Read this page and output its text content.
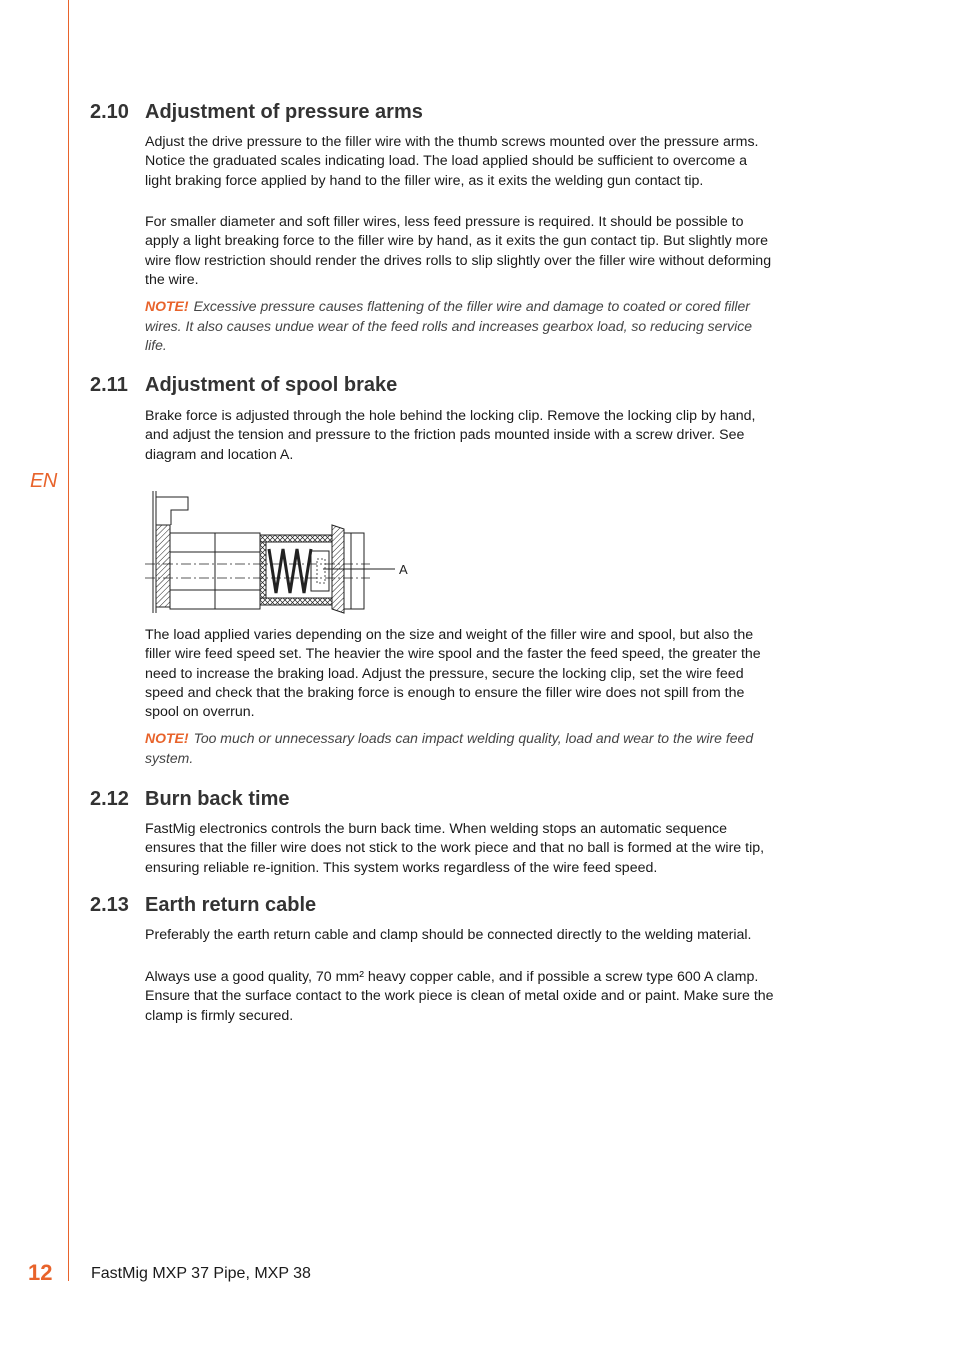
EN
2.10 Adjustment of pressure arms

Adjust the drive pressure to the filler wire with the thumb screws mounted over the pressure arms. Notice the graduated scales indicating load. The load applied should be sufficient to overcome a light braking force applied by hand to the filler wire, as it exits the welding gun contact tip.

For smaller diameter and soft filler wires, less feed pressure is required. It should be possible to apply a light breaking force to the filler wire by hand, as it exits the gun contact tip. But slightly more wire flow restriction should render the drives rolls to slip slightly over the filler wire without deforming the wire.

NOTE! Excessive pressure causes flattening of the filler wire and damage to coated or cored filler wires. It also causes undue wear of the feed rolls and increases gearbox load, so reducing service life.

2.11 Adjustment of spool brake

Brake force is adjusted through the hole behind the locking clip. Remove the locking clip by hand, and adjust the tension and pressure to the friction pads mounted inside with a screw driver. See diagram and location A.

A

The load applied varies depending on the size and weight of the filler wire and spool, but also the filler wire feed speed set. The heavier the wire spool and the faster the feed speed, the greater the need to increase the braking load. Adjust the pressure, secure the locking clip, set the wire feed speed and check that the braking force is enough to ensure the filler wire does not spill from the spool on overrun.

NOTE! Too much or unnecessary loads can impact welding quality, load and wear to the wire feed system.

2.12 Burn back time

FastMig electronics controls the burn back time. When welding stops an automatic sequence ensures that the filler wire does not stick to the work piece and that no ball is formed at the wire tip, ensuring reliable re-ignition. This system works regardless of the wire feed speed.

2.13 Earth return cable

Preferably the earth return cable and clamp should be connected directly to the welding material.

Always use a good quality, 70 mm² heavy copper cable, and if possible a screw type 600 A clamp. Ensure that the surface contact to the work piece is clean of metal oxide and or paint. Make sure the clamp is firmly secured.

12 FastMig MXP 37 Pipe, MXP 38
